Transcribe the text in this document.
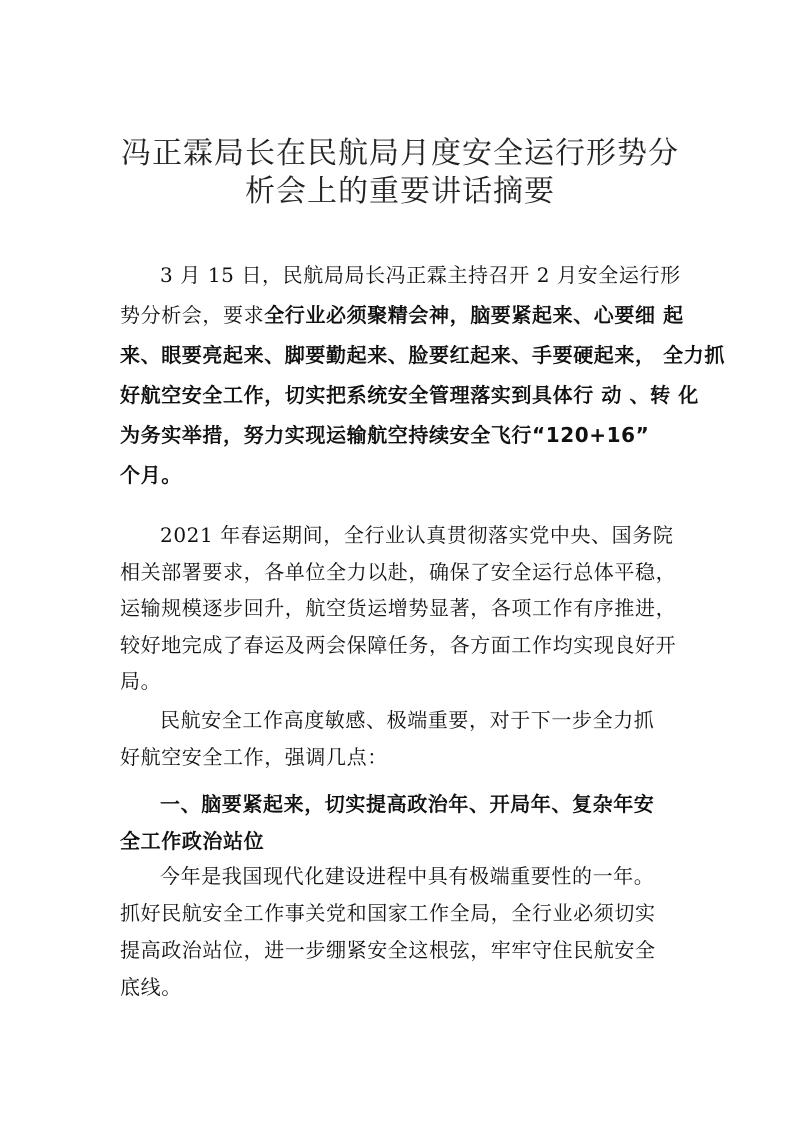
冯正霖局长在民航局月度安全运行形势分
析会上的重要讲话摘要

3 月 15 日，民航局局长冯正霖主持召开 2 月安全运行形
势分析会，要求全行业必须聚精会神，脑要紧起来、心要细 起
来、眼要亮起来、脚要勤起来、脸要红起来、手要硬起来， 全力抓
好航空安全工作，切实把系统安全管理落实到具体行 动 、转 化
为务实举措，努力实现运输航空持续安全飞行“120+16”
个月。

2021 年春运期间，全行业认真贯彻落实党中央、国务院
相关部署要求，各单位全力以赴，确保了安全运行总体平稳，
运输规模逐步回升，航空货运增势显著，各项工作有序推进，
较好地完成了春运及两会保障任务，各方面工作均实现良好开
局。

民航安全工作高度敏感、极端重要，对于下一步全力抓
好航空安全工作，强调几点：

一、脑要紧起来，切实提高政治年、开局年、复杂年安
全工作政治站位

今年是我国现代化建设进程中具有极端重要性的一年。
抓好民航安全工作事关党和国家工作全局，全行业必须切实
提高政治站位，进一步绷紧安全这根弦，牢牢守住民航安全
底线。
